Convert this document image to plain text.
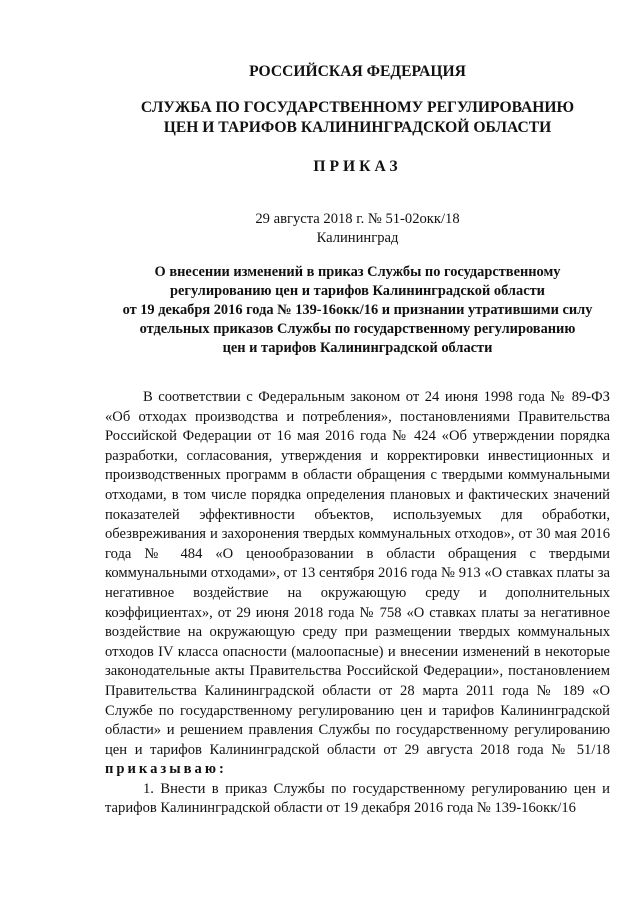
РОССИЙСКАЯ ФЕДЕРАЦИЯ
СЛУЖБА ПО ГОСУДАРСТВЕННОМУ РЕГУЛИРОВАНИЮ
ЦЕН И ТАРИФОВ КАЛИНИНГРАДСКОЙ ОБЛАСТИ
ПРИКАЗ
29 августа 2018 г. № 51-02окк/18
Калининград
О внесении изменений в приказ Службы по государственному
регулированию цен и тарифов Калининградской области
от 19 декабря 2016 года № 139-16окк/16 и признании утратившими силу
отдельных приказов Службы по государственному регулированию
цен и тарифов Калининградской области

В соответствии с Федеральным законом от 24 июня 1998 года № 89-ФЗ «Об отходах производства и потребления», постановлениями Правительства Российской Федерации от 16 мая 2016 года № 424 «Об утверждении порядка разработки, согласования, утверждения и корректировки инвестиционных и производственных программ в области обращения с твердыми коммунальными отходами, в том числе порядка определения плановых и фактических значений показателей эффективности объектов, используемых для обработки, обезвреживания и захоронения твердых коммунальных отходов», от 30 мая 2016 года № 484 «О ценообразовании в области обращения с твердыми коммунальными отходами», от 13 сентября 2016 года № 913 «О ставках платы за негативное воздействие на окружающую среду и дополнительных коэффициентах», от 29 июня 2018 года № 758 «О ставках платы за негативное воздействие на окружающую среду при размещении твердых коммунальных отходов IV класса опасности (малоопасные) и внесении изменений в некоторые законодательные акты Правительства Российской Федерации», постановлением Правительства Калининградской области от 28 марта 2011 года № 189 «О Службе по государственному регулированию цен и тарифов Калининградской области» и решением правления Службы по государственному регулированию цен и тарифов Калининградской области от 29 августа 2018 года № 51/18 приказываю:

1. Внести в приказ Службы по государственному регулированию цен и тарифов Калининградской области от 19 декабря 2016 года № 139-16окк/16
